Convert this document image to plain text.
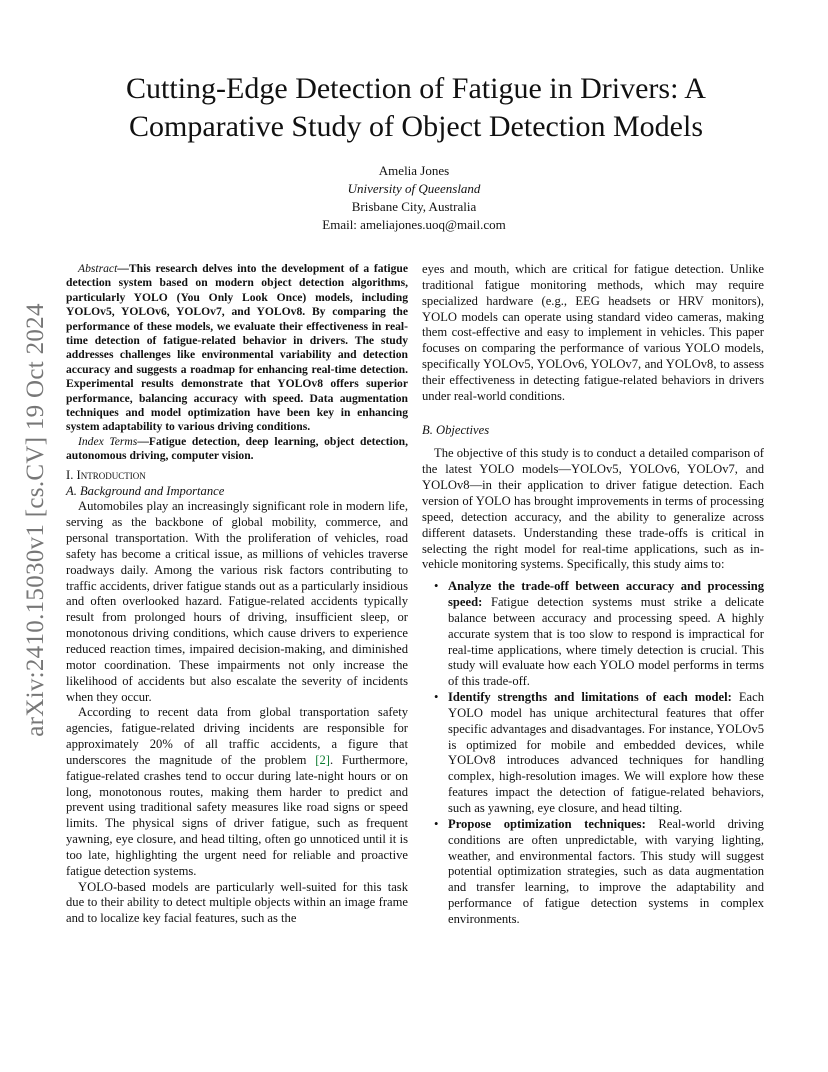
arXiv:2410.15030v1 [cs.CV] 19 Oct 2024
Cutting-Edge Detection of Fatigue in Drivers: A
Comparative Study of Object Detection Models
Amelia Jones
University of Queensland
Brisbane City, Australia
Email: ameliajones.uoq@mail.com

Abstract—This research delves into the development of a fatigue detection system based on modern object detection algorithms, particularly YOLO (You Only Look Once) models, including YOLOv5, YOLOv6, YOLOv7, and YOLOv8. By comparing the performance of these models, we evaluate their effectiveness in real-time detection of fatigue-related behavior in drivers. The study addresses challenges like environmental variability and detection accuracy and suggests a roadmap for enhancing real-time detection. Experimental results demonstrate that YOLOv8 offers superior performance, balancing accuracy with speed. Data augmentation techniques and model optimization have been key in enhancing system adaptability to various driving conditions.

Index Terms—Fatigue detection, deep learning, object detection, autonomous driving, computer vision.

I. Introduction

A. Background and Importance

Automobiles play an increasingly significant role in modern life, serving as the backbone of global mobility, commerce, and personal transportation. With the proliferation of vehicles, road safety has become a critical issue, as millions of vehicles traverse roadways daily. Among the various risk factors contributing to traffic accidents, driver fatigue stands out as a particularly insidious and often overlooked hazard. Fatigue-related accidents typically result from prolonged hours of driving, insufficient sleep, or monotonous driving conditions, which cause drivers to experience reduced reaction times, impaired decision-making, and diminished motor coordination. These impairments not only increase the likelihood of accidents but also escalate the severity of incidents when they occur.

According to recent data from global transportation safety agencies, fatigue-related driving incidents are responsible for approximately 20% of all traffic accidents, a figure that underscores the magnitude of the problem [2]. Furthermore, fatigue-related crashes tend to occur during late-night hours or on long, monotonous routes, making them harder to predict and prevent using traditional safety measures like road signs or speed limits. The physical signs of driver fatigue, such as frequent yawning, eye closure, and head tilting, often go unnoticed until it is too late, highlighting the urgent need for reliable and proactive fatigue detection systems.

YOLO-based models are particularly well-suited for this task due to their ability to detect multiple objects within an image frame and to localize key facial features, such as the

eyes and mouth, which are critical for fatigue detection. Unlike traditional fatigue monitoring methods, which may require specialized hardware (e.g., EEG headsets or HRV monitors), YOLO models can operate using standard video cameras, making them cost-effective and easy to implement in vehicles. This paper focuses on comparing the performance of various YOLO models, specifically YOLOv5, YOLOv6, YOLOv7, and YOLOv8, to assess their effectiveness in detecting fatigue-related behaviors in drivers under real-world conditions.

B. Objectives

The objective of this study is to conduct a detailed comparison of the latest YOLO models—YOLOv5, YOLOv6, YOLOv7, and YOLOv8—in their application to driver fatigue detection. Each version of YOLO has brought improvements in terms of processing speed, detection accuracy, and the ability to generalize across different datasets. Understanding these trade-offs is critical in selecting the right model for real-time applications, such as in-vehicle monitoring systems. Specifically, this study aims to:

• Analyze the trade-off between accuracy and processing speed: Fatigue detection systems must strike a delicate balance between accuracy and processing speed. A highly accurate system that is too slow to respond is impractical for real-time applications, where timely detection is crucial. This study will evaluate how each YOLO model performs in terms of this trade-off.
• Identify strengths and limitations of each model: Each YOLO model has unique architectural features that offer specific advantages and disadvantages. For instance, YOLOv5 is optimized for mobile and embedded devices, while YOLOv8 introduces advanced techniques for handling complex, high-resolution images. We will explore how these features impact the detection of fatigue-related behaviors, such as yawning, eye closure, and head tilting.
• Propose optimization techniques: Real-world driving conditions are often unpredictable, with varying lighting, weather, and environmental factors. This study will suggest potential optimization strategies, such as data augmentation and transfer learning, to improve the adaptability and performance of fatigue detection systems in complex environments.
